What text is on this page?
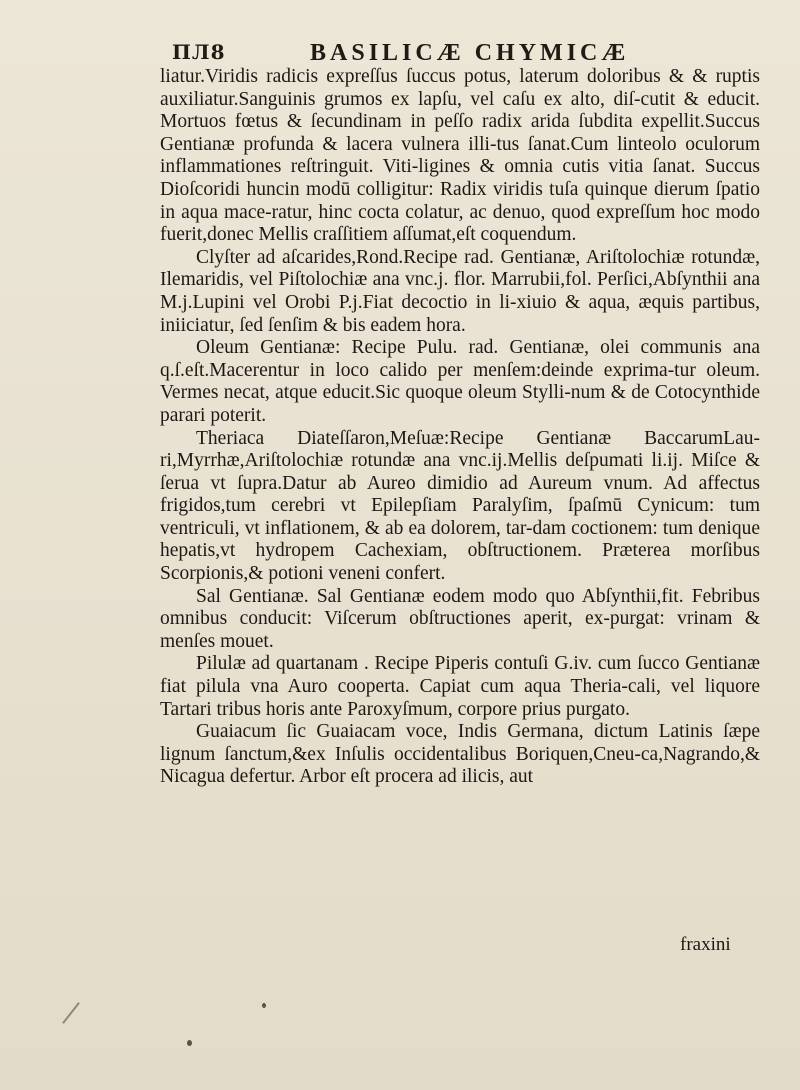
ПЛ8	BASILICÆ CHYMICÆ

liatur.Viridis radicis expreſſus ſuccus potus, laterum doloribus & & ruptis auxiliatur.Sanguinis grumos ex lapſu, vel caſu ex alto, diſ-cutit & educit. Mortuos fœtus & ſecundinam in peſſo radix arida ſubdita expellit.Succus Gentianæ profunda & lacera vulnera illi-tus ſanat.Cum linteolo oculorum inflammationes reſtringuit. Viti-ligines & omnia cutis vitia ſanat. Succus Dioſcoridi huncin modū colligitur: Radix viridis tuſa quinque dierum ſpatio in aqua mace-ratur, hinc cocta colatur, ac denuo, quod expreſſum hoc modo fuerit,donec Mellis craſſitiem aſſumat,eſt coquendum.

Clyſter ad aſcarides,Rond.Recipe rad. Gentianæ, Ariſtolochiæ rotundæ, Ilemaridis, vel Piſtolochiæ ana vnc.j. flor. Marrubii,fol. Perſici,Abſynthii ana M.j.Lupini vel Orobi P.j.Fiat decoctio in li-xiuio & aqua, æquis partibus, iniiciatur, ſed ſenſim & bis eadem hora.

Oleum Gentianæ: Recipe Pulu. rad. Gentianæ, olei communis ana q.ſ.eſt.Macerentur in loco calido per menſem:deinde exprima-tur oleum. Vermes necat, atque educit.Sic quoque oleum Stylli-num & de Cotocynthide parari poterit.

Theriaca Diateſſaron,Meſuæ:Recipe Gentianæ BaccarumLau-ri,Myrrhæ,Ariſtolochiæ rotundæ ana vnc.ij.Mellis deſpumati li.ij. Miſce & ſerua vt ſupra.Datur ab Aureo dimidio ad Aureum vnum. Ad affectus frigidos,tum cerebri vt Epilepſiam Paralyſim, ſpaſmū Cynicum: tum ventriculi, vt inflationem, & ab ea dolorem, tar-dam coctionem: tum denique hepatis,vt hydropem Cachexiam, obſtructionem. Præterea morſibus Scorpionis,& potioni veneni confert.

Sal Gentianæ. Sal Gentianæ eodem modo quo Abſynthii,fit. Febribus omnibus conducit: Viſcerum obſtructiones aperit, ex-purgat: vrinam & menſes mouet.

Pilulæ ad quartanam . Recipe Piperis contuſi G.iv. cum ſucco Gentianæ fiat pilula vna Auro cooperta. Capiat cum aqua Theria-cali, vel liquore Tartari tribus horis ante Paroxyſmum, corpore prius purgato.

Guaiacum ſic Guaiacam voce, Indis Germana, dictum Latinis ſæpe lignum ſanctum,&ex Inſulis occidentalibus Boriquen,Cneu-ca,Nagrando,& Nicagua defertur. Arbor eſt procera ad ilicis, aut

fraxini
